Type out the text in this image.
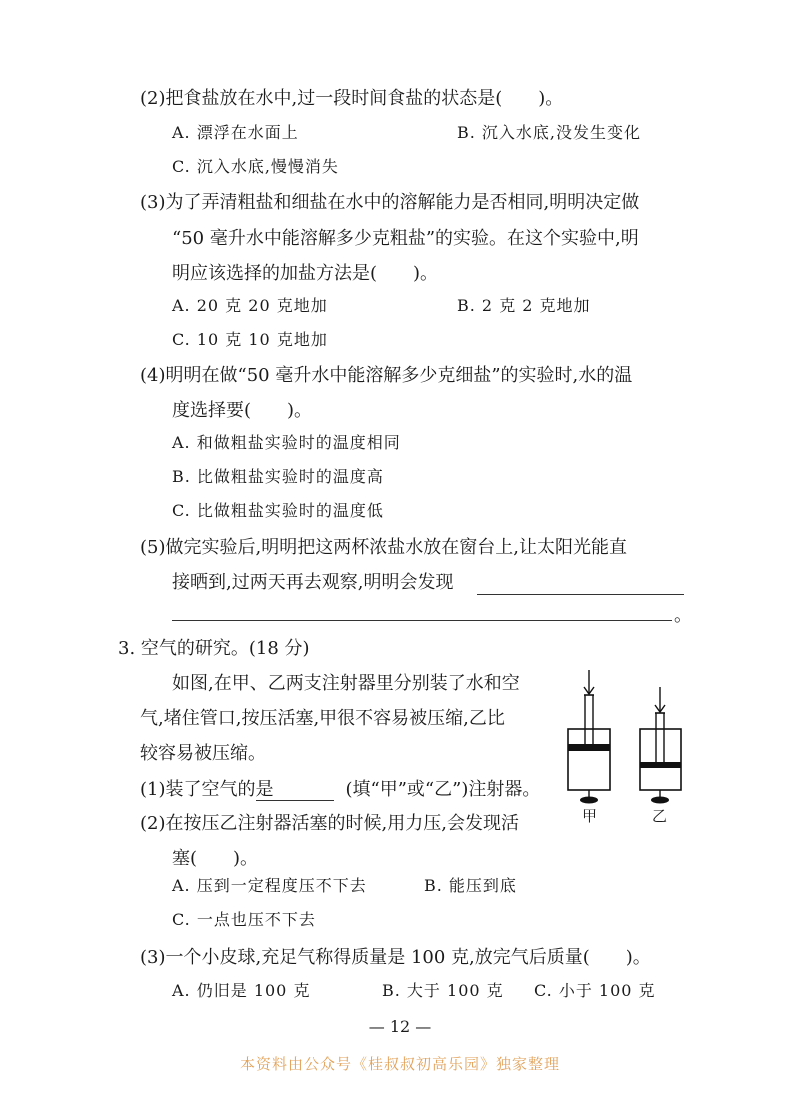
(2)把食盐放在水中,过一段时间食盐的状态是(　　)。
A. 漂浮在水面上	B. 沉入水底,没发生变化
C. 沉入水底,慢慢消失
(3)为了弄清粗盐和细盐在水中的溶解能力是否相同,明明决定做
“50 毫升水中能溶解多少克粗盐”的实验。在这个实验中,明
明应该选择的加盐方法是(　　)。
A. 20 克 20 克地加	B. 2 克 2 克地加
C. 10 克 10 克地加
(4)明明在做“50 毫升水中能溶解多少克细盐”的实验时,水的温
度选择要(　　)。
A. 和做粗盐实验时的温度相同
B. 比做粗盐实验时的温度高
C. 比做粗盐实验时的温度低
(5)做完实验后,明明把这两杯浓盐水放在窗台上,让太阳光能直
接晒到,过两天再去观察,明明会发现
。
3. 空气的研究。(18 分)
如图,在甲、乙两支注射器里分别装了水和空
气,堵住管口,按压活塞,甲很不容易被压缩,乙比
较容易被压缩。
(1)装了空气的是　　　　(填“甲”或“乙”)注射器。
(2)在按压乙注射器活塞的时候,用力压,会发现活
塞(　　)。
A. 压到一定程度压不下去	B. 能压到底
C. 一点也压不下去
(3)一个小皮球,充足气称得质量是 100 克,放完气后质量(　　)。
A. 仍旧是 100 克	B. 大于 100 克 C. 小于 100 克
甲	乙
— 12 —
本资料由公众号《桂叔叔初高乐园》独家整理
